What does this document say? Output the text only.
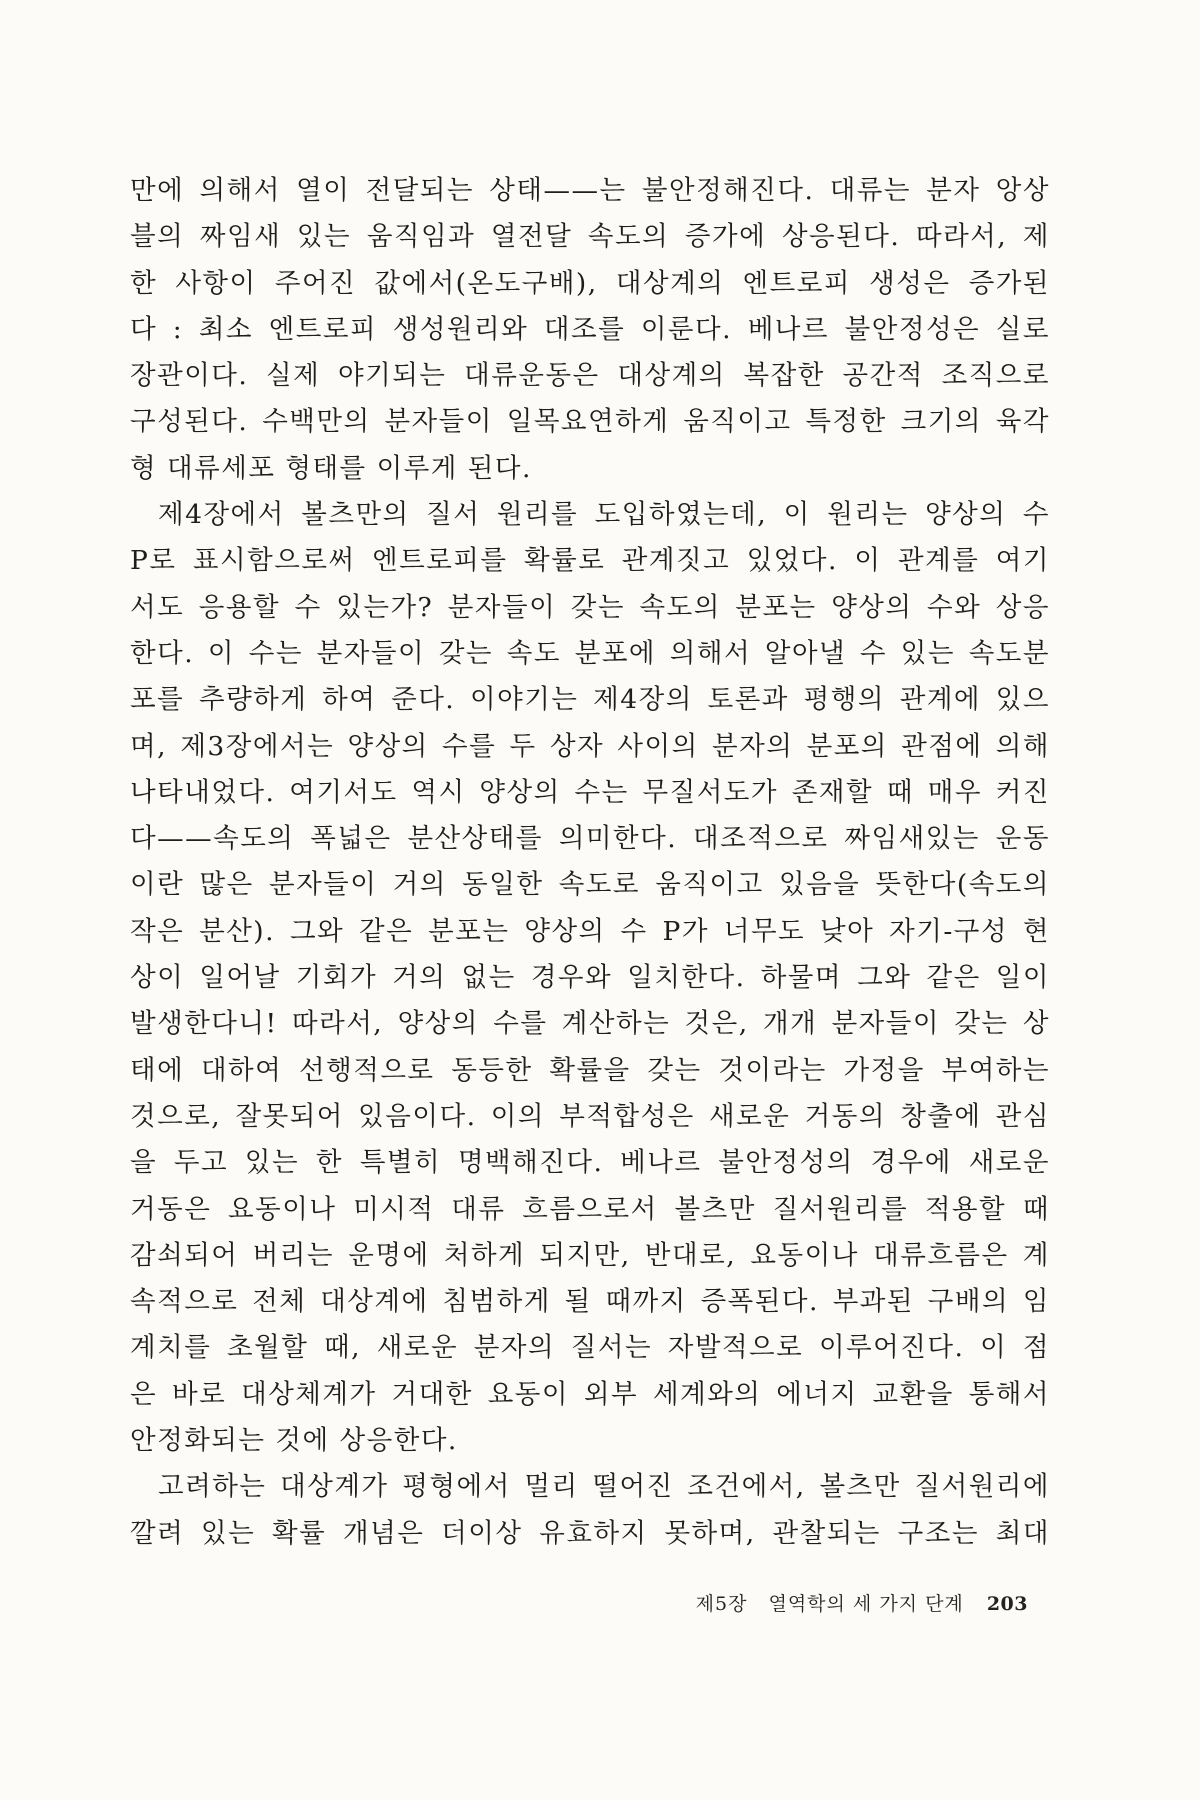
만에 의해서 열이 전달되는 상태——는 불안정해진다. 대류는 분자 앙상
블의 짜임새 있는 움직임과 열전달 속도의 증가에 상응된다. 따라서, 제
한 사항이 주어진 값에서(온도구배), 대상계의 엔트로피 생성은 증가된
다 : 최소 엔트로피 생성원리와 대조를 이룬다. 베나르 불안정성은 실로
장관이다. 실제 야기되는 대류운동은 대상계의 복잡한 공간적 조직으로
구성된다. 수백만의 분자들이 일목요연하게 움직이고 특정한 크기의 육각
형 대류세포 형태를 이루게 된다.
제4장에서 볼츠만의 질서 원리를 도입하였는데, 이 원리는 양상의 수
P로 표시함으로써 엔트로피를 확률로 관계짓고 있었다. 이 관계를 여기
서도 응용할 수 있는가? 분자들이 갖는 속도의 분포는 양상의 수와 상응
한다. 이 수는 분자들이 갖는 속도 분포에 의해서 알아낼 수 있는 속도분
포를 추량하게 하여 준다. 이야기는 제4장의 토론과 평행의 관계에 있으
며, 제3장에서는 양상의 수를 두 상자 사이의 분자의 분포의 관점에 의해
나타내었다. 여기서도 역시 양상의 수는 무질서도가 존재할 때 매우 커진
다——속도의 폭넓은 분산상태를 의미한다. 대조적으로 짜임새있는 운동
이란 많은 분자들이 거의 동일한 속도로 움직이고 있음을 뜻한다(속도의
작은 분산). 그와 같은 분포는 양상의 수 P가 너무도 낮아 자기-구성 현
상이 일어날 기회가 거의 없는 경우와 일치한다. 하물며 그와 같은 일이
발생한다니! 따라서, 양상의 수를 계산하는 것은, 개개 분자들이 갖는 상
태에 대하여 선행적으로 동등한 확률을 갖는 것이라는 가정을 부여하는
것으로, 잘못되어 있음이다. 이의 부적합성은 새로운 거동의 창출에 관심
을 두고 있는 한 특별히 명백해진다. 베나르 불안정성의 경우에 새로운
거동은 요동이나 미시적 대류 흐름으로서 볼츠만 질서원리를 적용할 때
감쇠되어 버리는 운명에 처하게 되지만, 반대로, 요동이나 대류흐름은 계
속적으로 전체 대상계에 침범하게 될 때까지 증폭된다. 부과된 구배의 임
계치를 초월할 때, 새로운 분자의 질서는 자발적으로 이루어진다. 이 점
은 바로 대상체계가 거대한 요동이 외부 세계와의 에너지 교환을 통해서
안정화되는 것에 상응한다.
고려하는 대상계가 평형에서 멀리 떨어진 조건에서, 볼츠만 질서원리에
깔려 있는 확률 개념은 더이상 유효하지 못하며, 관찰되는 구조는 최대
제5장 열역학의 세 가지 단계 203
